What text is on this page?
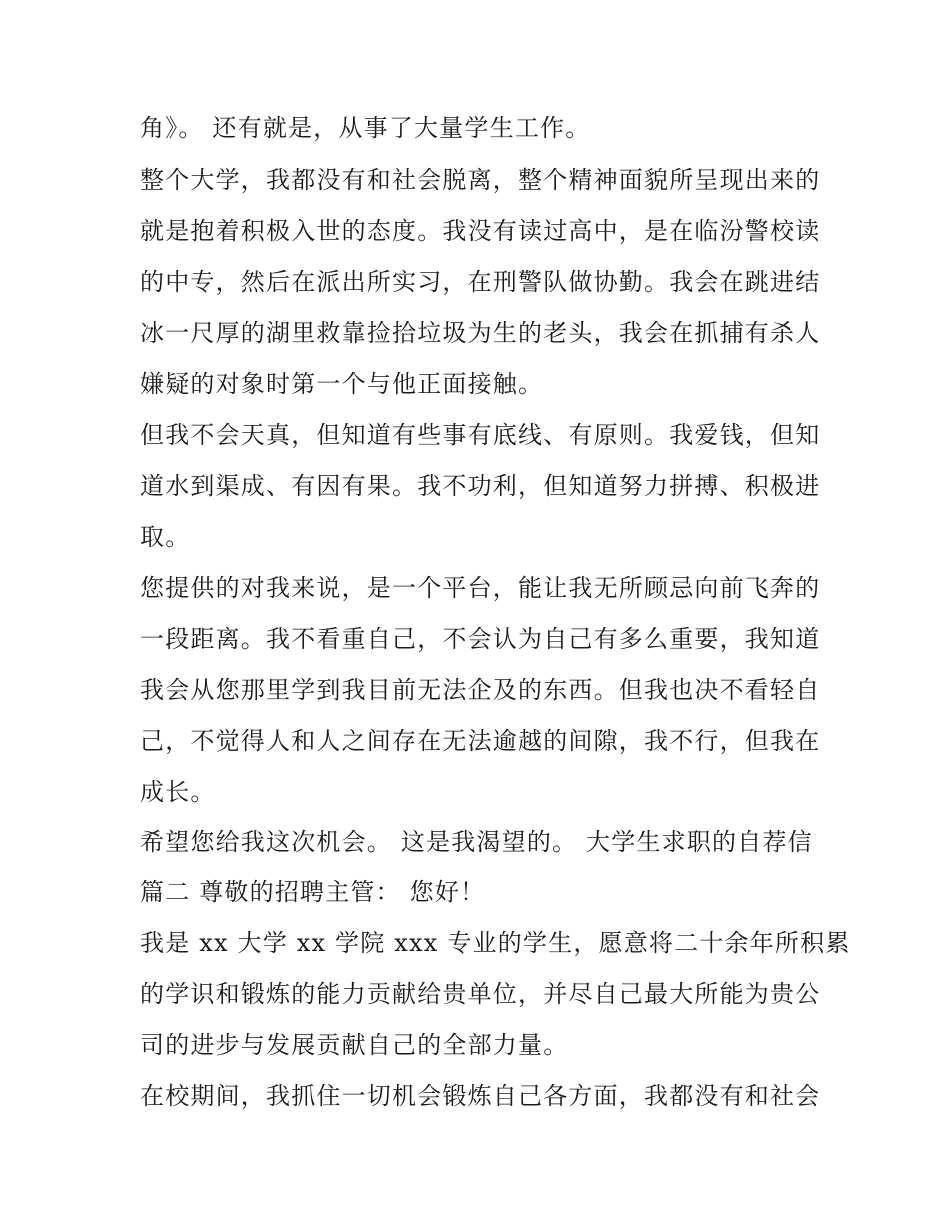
角》。 还有就是，从事了大量学生工作。
整个大学，我都没有和社会脱离，整个精神面貌所呈现出来的
就是抱着积极入世的态度。我没有读过高中，是在临汾警校读
的中专，然后在派出所实习，在刑警队做协勤。我会在跳进结
冰一尺厚的湖里救靠捡拾垃圾为生的老头，我会在抓捕有杀人
嫌疑的对象时第一个与他正面接触。
但我不会天真，但知道有些事有底线、有原则。我爱钱，但知
道水到渠成、有因有果。我不功利，但知道努力拼搏、积极进
取。
您提供的对我来说，是一个平台，能让我无所顾忌向前飞奔的
一段距离。我不看重自己，不会认为自己有多么重要，我知道
我会从您那里学到我目前无法企及的东西。但我也决不看轻自
己，不觉得人和人之间存在无法逾越的间隙，我不行，但我在
成长。
希望您给我这次机会。 这是我渴望的。 大学生求职的自荐信
篇二 尊敬的招聘主管： 您好！
我是 xx 大学 xx 学院 xxx 专业的学生，愿意将二十余年所积累
的学识和锻炼的能力贡献给贵单位，并尽自己最大所能为贵公
司的进步与发展贡献自己的全部力量。
在校期间，我抓住一切机会锻炼自己各方面，我都没有和社会
